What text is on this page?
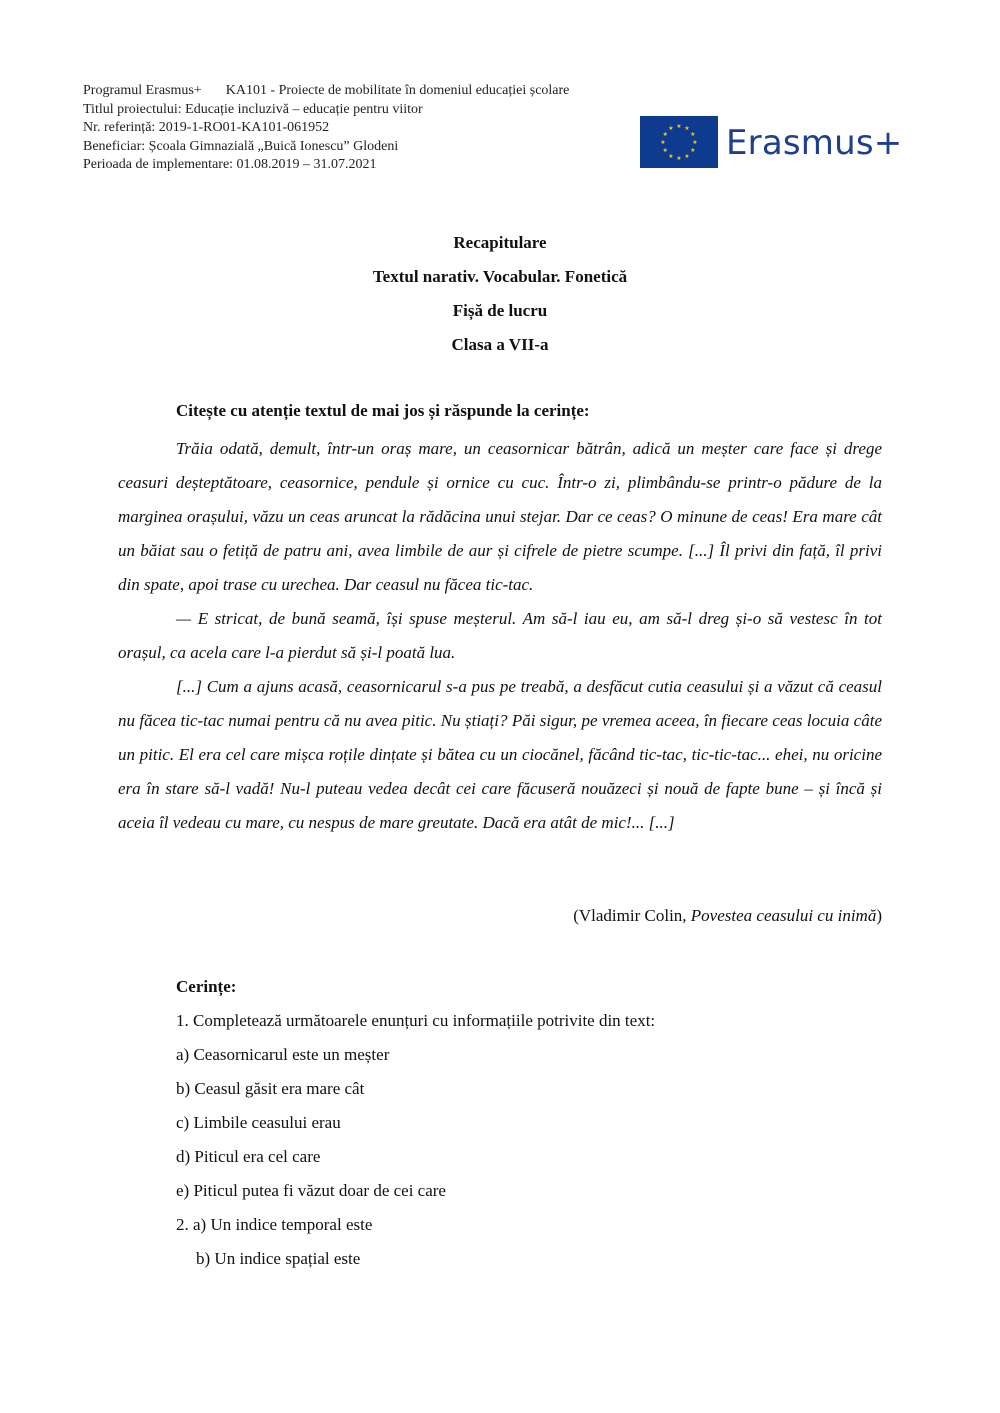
Programul Erasmus+ KA101 - Proiecte de mobilitate în domeniul educației școlare
Titlul proiectului: Educație incluzivă – educație pentru viitor
Nr. referință: 2019-1-RO01-KA101-061952
Beneficiar: Școala Gimnazială „Buică Ionescu” Glodeni
Perioada de implementare: 01.08.2019 – 31.07.2021
★ ★
★
★
★
★
★
★
★
★
★
★ Erasmus+
Recapitulare
Textul narativ. Vocabular. Fonetică
Fișă de lucru
Clasa a VII-a
Citește cu atenție textul de mai jos și răspunde la cerințe:

Trăia odată, demult, într-un oraș mare, un ceasornicar bătrân, adică un meșter care face și drege ceasuri deșteptătoare, ceasornice, pendule și ornice cu cuc. Într-o zi, plimbându-se printr-o pădure de la marginea orașului, văzu un ceas aruncat la rădăcina unui stejar. Dar ce ceas? O minune de ceas! Era mare cât un băiat sau o fetiță de patru ani, avea limbile de aur și cifrele de pietre scumpe. [...] Îl privi din față, îl privi din spate, apoi trase cu urechea. Dar ceasul nu făcea tic-tac.

— E stricat, de bună seamă, își spuse meșterul. Am să-l iau eu, am să-l dreg și-o să vestesc în tot orașul, ca acela care l-a pierdut să și-l poată lua.

[...] Cum a ajuns acasă, ceasornicarul s-a pus pe treabă, a desfăcut cutia ceasului și a văzut că ceasul nu făcea tic-tac numai pentru că nu avea pitic. Nu știați? Păi sigur, pe vremea aceea, în fiecare ceas locuia câte un pitic. El era cel care mișca roțile dințate și bătea cu un ciocănel, făcând tic-tac, tic-tic-tac... ehei, nu oricine era în stare să-l vadă! Nu-l puteau vedea decât cei care făcuseră nouăzeci și nouă de fapte bune – și încă și aceia îl vedeau cu mare, cu nespus de mare greutate. Dacă era atât de mic!... [...]

(Vladimir Colin, Povestea ceasului cu inimă)
Cerințe:
1. Completează următoarele enunțuri cu informațiile potrivite din text:
a) Ceasornicarul este un meșter
b) Ceasul găsit era mare cât
c) Limbile ceasului erau
d) Piticul era cel care
e) Piticul putea fi văzut doar de cei care
2. a) Un indice temporal este
b) Un indice spațial este
